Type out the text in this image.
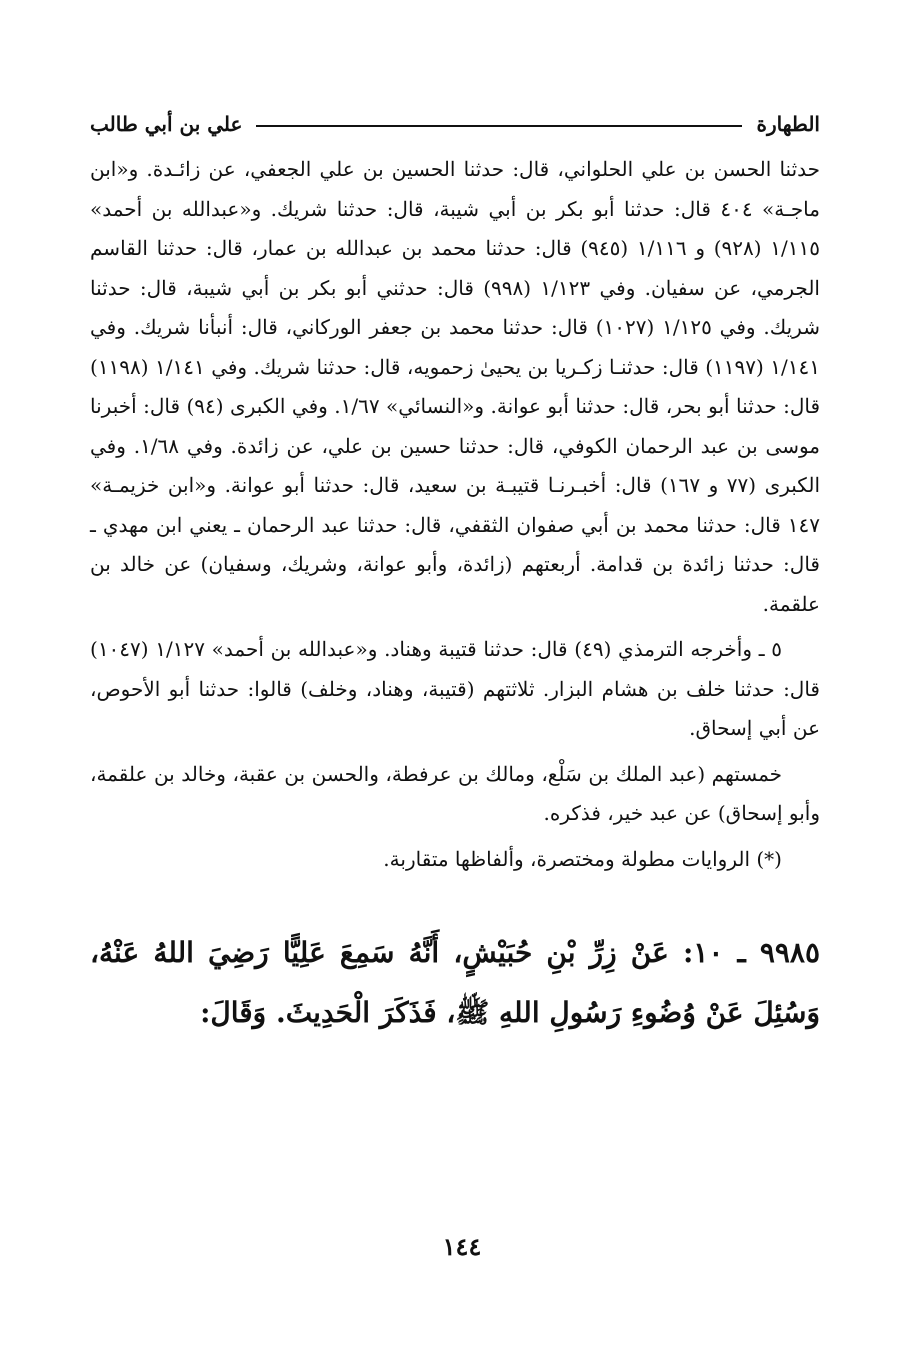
الطهارة
علي بن أبي طالب

حدثنا الحسن بن علي الحلواني، قال: حدثنا الحسين بن علي الجعفي، عن زائـدة. و«ابن ماجـة» ٤٠٤ قال: حدثنا أبو بكر بن أبي شيبة، قال: حدثنا شريك. و«عبدالله بن أحمد» ١/١١٥ (٩٢٨) و ١/١١٦ (٩٤٥) قال: حدثنا محمد بن عبدالله بن عمار، قال: حدثنا القاسم الجرمي، عن سفيان. وفي ١/١٢٣ (٩٩٨) قال: حدثني أبو بكر بن أبي شيبة، قال: حدثنا شريك. وفي ١/١٢٥ (١٠٢٧) قال: حدثنا محمد بن جعفر الوركاني، قال: أنبأنا شريك. وفي ١/١٤١ (١١٩٧) قال: حدثنـا زكـريا بن يحيىٰ زحمويه، قال: حدثنا شريك. وفي ١/١٤١ (١١٩٨) قال: حدثنا أبو بحر، قال: حدثنا أبو عوانة. و«النسائي» ١/٦٧. وفي الكبرى (٩٤) قال: أخبرنا موسى بن عبد الرحمان الكوفي، قال: حدثنا حسين بن علي، عن زائدة. وفي ١/٦٨. وفي الكبرى (٧٧ و ١٦٧) قال: أخبـرنـا قتيبـة بن سعيد، قال: حدثنا أبو عوانة. و«ابن خزيمـة» ١٤٧ قال: حدثنا محمد بن أبي صفوان الثقفي، قال: حدثنا عبد الرحمان ـ يعني ابن مهدي ـ قال: حدثنا زائدة بن قدامة. أربعتهم (زائدة، وأبو عوانة، وشريك، وسفيان) عن خالد بن علقمة.

٥ ـ وأخرجه الترمذي (٤٩) قال: حدثنا قتيبة وهناد. و«عبدالله بن أحمد» ١/١٢٧ (١٠٤٧) قال: حدثنا خلف بن هشام البزار. ثلاثتهم (قتيبة، وهناد، وخلف) قالوا: حدثنا أبو الأحوص، عن أبي إسحاق.

خمستهم (عبد الملك بن سَلْع، ومالك بن عرفطة، والحسن بن عقبة، وخالد بن علقمة، وأبو إسحاق) عن عبد خير، فذكره.

(*) الروايات مطولة ومختصرة، وألفاظها متقاربة.

٩٩٨٥ ـ ١٠: عَنْ زِرِّ بْنِ حُبَيْشٍ، أَنَّهُ سَمِعَ عَلِيًّا رَضِيَ اللهُ عَنْهُ، وَسُئِلَ عَنْ وُضُوءِ رَسُولِ اللهِ ﷺ، فَذَكَرَ الْحَدِيثَ. وَقَالَ:
١٤٤
